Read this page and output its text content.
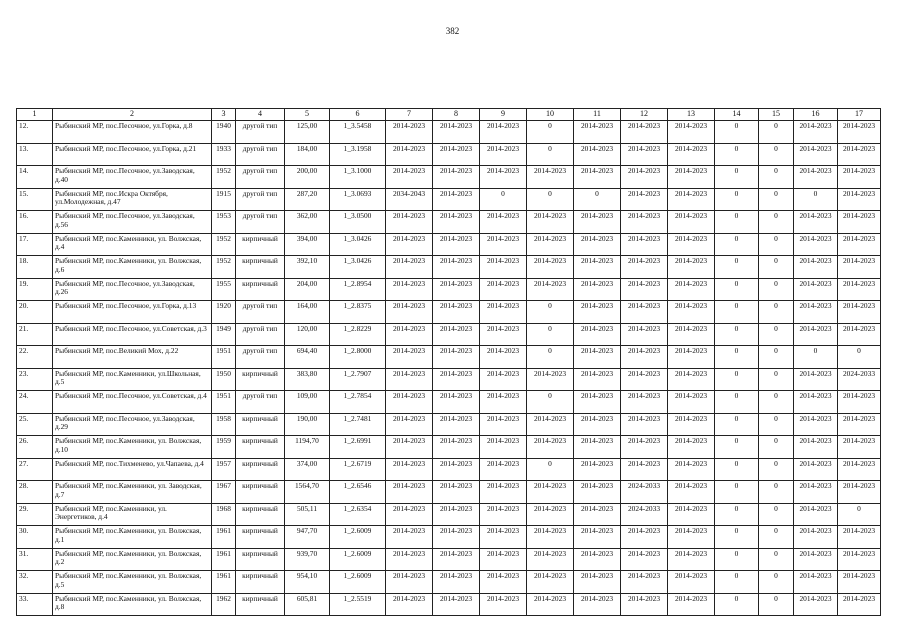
382
1	2	3	4	5	6	7	8	9	10	11	12	13	14	15	16	17
12.	Рыбинский МР, пос.Песочное, ул.Горка, д.8	1940	другой тип	125,00	1_3.5458	2014-2023	2014-2023	2014-2023	0	2014-2023	2014-2023	2014-2023	0	0	2014-2023	2014-2023
13.	Рыбинский МР, пос.Песочное, ул.Горка, д.21	1933	другой тип	184,00	1_3.1958	2014-2023	2014-2023	2014-2023	0	2014-2023	2014-2023	2014-2023	0	0	2014-2023	2014-2023
14.	Рыбинский МР, пос.Песочное, ул.Заводская, д.40	1952	другой тип	200,00	1_3.1000	2014-2023	2014-2023	2014-2023	2014-2023	2014-2023	2014-2023	2014-2023	0	0	2014-2023	2014-2023
15.	Рыбинский МР, пос.Искра Октября, ул.Молодежная, д.47	1915	другой тип	287,20	1_3.0693	2034-2043	2014-2023	0	0	0	2014-2023	2014-2023	0	0	0	2014-2023
16.	Рыбинский МР, пос.Песочное, ул.Заводская, д.56	1953	другой тип	362,00	1_3.0500	2014-2023	2014-2023	2014-2023	2014-2023	2014-2023	2014-2023	2014-2023	0	0	2014-2023	2014-2023
17.	Рыбинский МР, пос.Каменники, ул. Волжская, д.4	1952	кирпичный	394,00	1_3.0426	2014-2023	2014-2023	2014-2023	2014-2023	2014-2023	2014-2023	2014-2023	0	0	2014-2023	2014-2023
18.	Рыбинский МР, пос.Каменники, ул. Волжская, д.6	1952	кирпичный	392,10	1_3.0426	2014-2023	2014-2023	2014-2023	2014-2023	2014-2023	2014-2023	2014-2023	0	0	2014-2023	2014-2023
19.	Рыбинский МР, пос.Песочное, ул.Заводская, д.26	1955	кирпичный	204,00	1_2.8954	2014-2023	2014-2023	2014-2023	2014-2023	2014-2023	2014-2023	2014-2023	0	0	2014-2023	2014-2023
20.	Рыбинский МР, пос.Песочное, ул.Горка, д.13	1920	другой тип	164,00	1_2.8375	2014-2023	2014-2023	2014-2023	0	2014-2023	2014-2023	2014-2023	0	0	2014-2023	2014-2023
21.	Рыбинский МР, пос.Песочное, ул.Советская, д.3	1949	другой тип	120,00	1_2.8229	2014-2023	2014-2023	2014-2023	0	2014-2023	2014-2023	2014-2023	0	0	2014-2023	2014-2023
22.	Рыбинский МР, пос.Великий Мох, д.22	1951	другой тип	694,40	1_2.8000	2014-2023	2014-2023	2014-2023	0	2014-2023	2014-2023	2014-2023	0	0	0	0
23.	Рыбинский МР, пос.Каменники, ул.Школьная, д.5	1950	кирпичный	383,80	1_2.7907	2014-2023	2014-2023	2014-2023	2014-2023	2014-2023	2014-2023	2014-2023	0	0	2014-2023	2024-2033
24.	Рыбинский МР, пос.Песочное, ул.Советская, д.4	1951	другой тип	109,00	1_2.7854	2014-2023	2014-2023	2014-2023	0	2014-2023	2014-2023	2014-2023	0	0	2014-2023	2014-2023
25.	Рыбинский МР, пос.Песочное, ул.Заводская, д.29	1958	кирпичный	190,00	1_2.7481	2014-2023	2014-2023	2014-2023	2014-2023	2014-2023	2014-2023	2014-2023	0	0	2014-2023	2014-2023
26.	Рыбинский МР, пос.Каменники, ул. Волжская, д.10	1959	кирпичный	1194,70	1_2.6991	2014-2023	2014-2023	2014-2023	2014-2023	2014-2023	2014-2023	2014-2023	0	0	2014-2023	2014-2023
27.	Рыбинский МР, пос.Тихменево, ул.Чапаева, д.4	1957	кирпичный	374,00	1_2.6719	2014-2023	2014-2023	2014-2023	0	2014-2023	2014-2023	2014-2023	0	0	2014-2023	2014-2023
28.	Рыбинский МР, пос.Каменники, ул. Заводская, д.7	1967	кирпичный	1564,70	1_2.6546	2014-2023	2014-2023	2014-2023	2014-2023	2014-2023	2024-2033	2014-2023	0	0	2014-2023	2014-2023
29.	Рыбинский МР, пос.Каменники, ул. Энергетиков, д.4	1968	кирпичный	505,11	1_2.6354	2014-2023	2014-2023	2014-2023	2014-2023	2014-2023	2024-2033	2014-2023	0	0	2014-2023	0
30.	Рыбинский МР, пос.Каменники, ул. Волжская, д.1	1961	кирпичный	947,70	1_2.6009	2014-2023	2014-2023	2014-2023	2014-2023	2014-2023	2014-2023	2014-2023	0	0	2014-2023	2014-2023
31.	Рыбинский МР, пос.Каменники, ул. Волжская, д.2	1961	кирпичный	939,70	1_2.6009	2014-2023	2014-2023	2014-2023	2014-2023	2014-2023	2014-2023	2014-2023	0	0	2014-2023	2014-2023
32.	Рыбинский МР, пос.Каменники, ул. Волжская, д.5	1961	кирпичный	954,10	1_2.6009	2014-2023	2014-2023	2014-2023	2014-2023	2014-2023	2014-2023	2014-2023	0	0	2014-2023	2014-2023
33.	Рыбинский МР, пос.Каменники, ул. Волжская, д.8	1962	кирпичный	605,81	1_2.5519	2014-2023	2014-2023	2014-2023	2014-2023	2014-2023	2014-2023	2014-2023	0	0	2014-2023	2014-2023
